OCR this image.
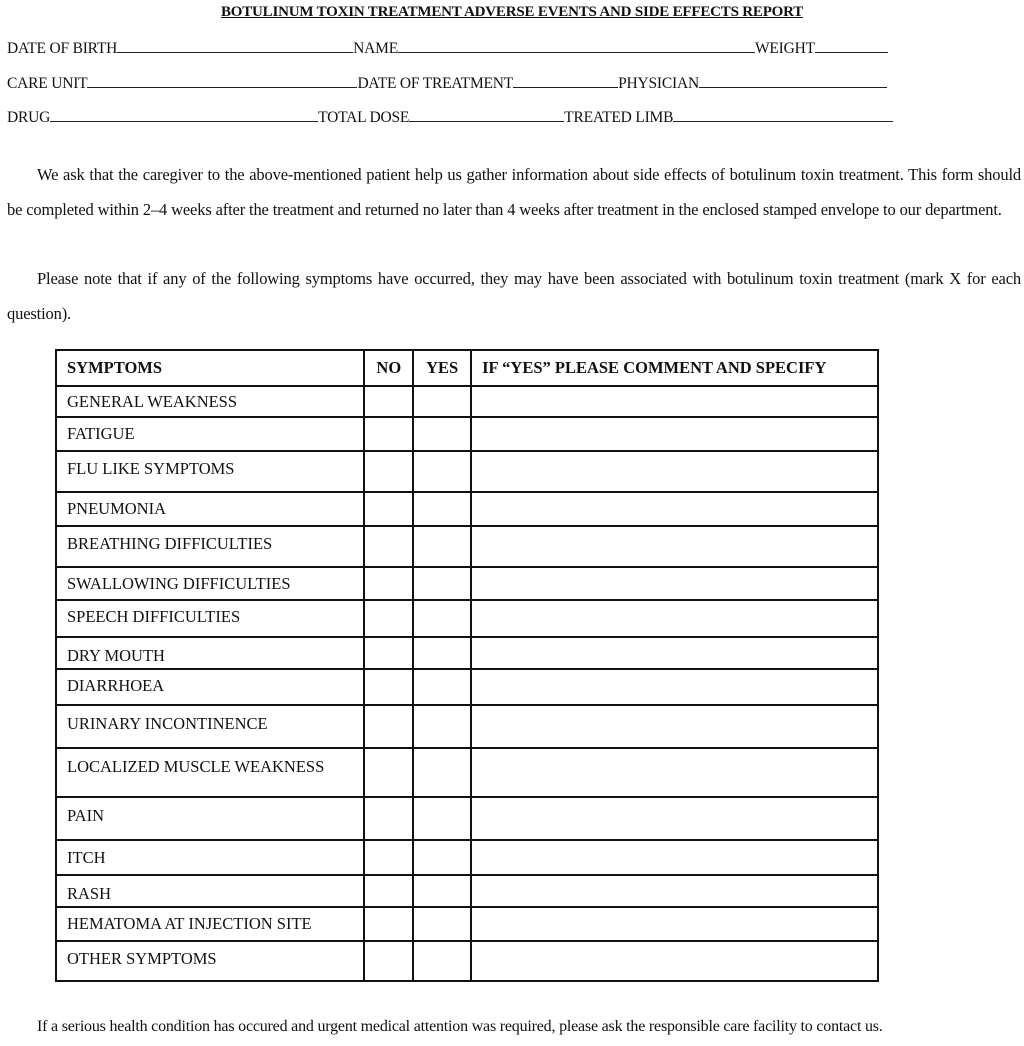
BOTULINUM TOXIN TREATMENT ADVERSE EVENTS AND SIDE EFFECTS REPORT
DATE OF BIRTH	NAME	WEIGHT
CARE UNIT	DATE OF TREATMENT	PHYSICIAN
DRUG	TOTAL DOSE	TREATED LIMB
We ask that the caregiver to the above-mentioned patient help us gather information about side effects of botulinum toxin treatment. This form should be completed within 2–4 weeks after the treatment and returned no later than 4 weeks after treatment in the enclosed stamped envelope to our department.
Please note that if any of the following symptoms have occurred, they may have been associated with botulinum toxin treatment (mark X for each question).
SYMPTOMS	NO	YES	IF “YES” PLEASE COMMENT AND SPECIFY
GENERAL WEAKNESS			
FATIGUE			
FLU LIKE SYMPTOMS			
PNEUMONIA			
BREATHING DIFFICULTIES			
SWALLOWING DIFFICULTIES			
SPEECH DIFFICULTIES			
DRY MOUTH			
DIARRHOEA			
URINARY INCONTINENCE			
LOCALIZED MUSCLE WEAKNESS			
PAIN			
ITCH			
RASH			
HEMATOMA AT INJECTION SITE			
OTHER SYMPTOMS			
If a serious health condition has occured and urgent medical attention was required, please ask the responsible care facility to contact us.
